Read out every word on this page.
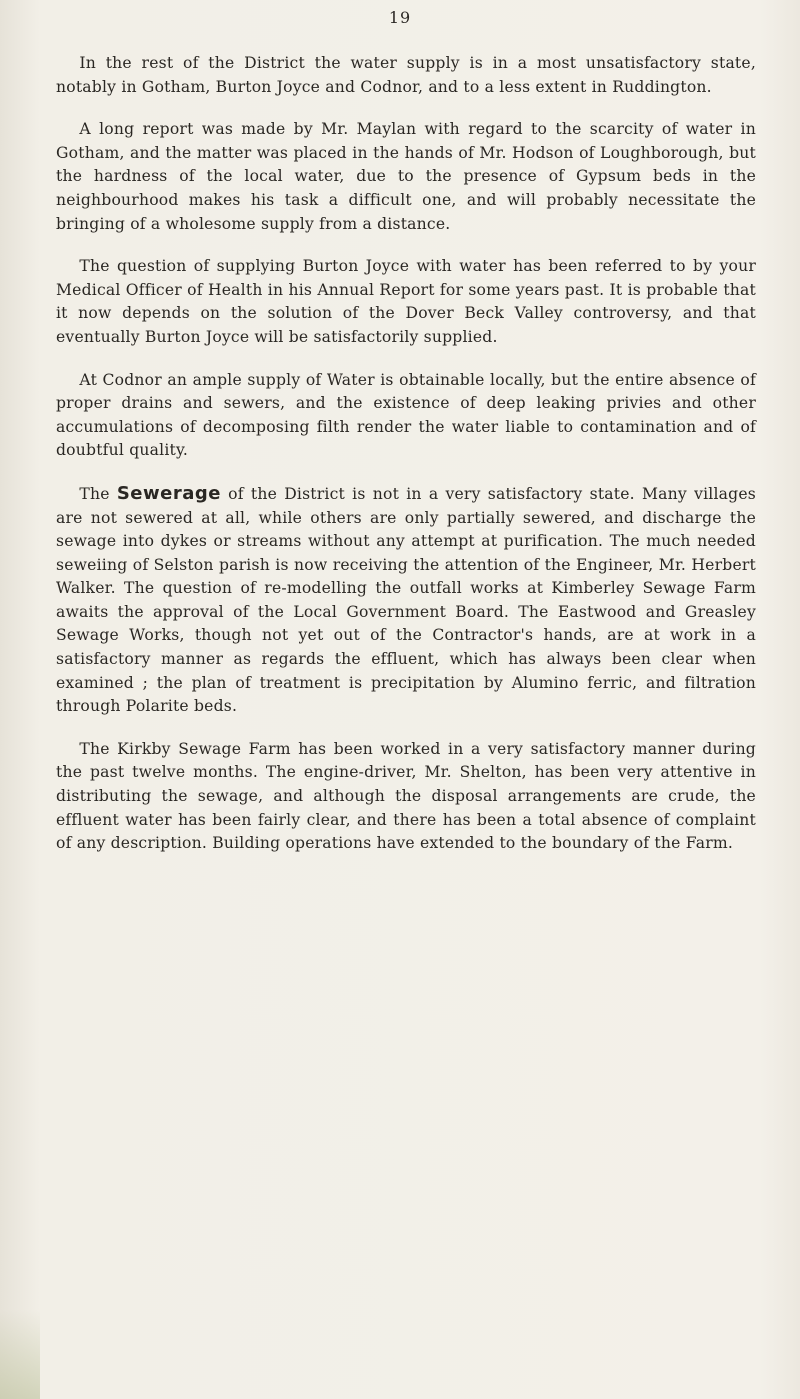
19

In the rest of the District the water supply is in a most unsatisfactory state, notably in Gotham, Burton Joyce and Codnor, and to a less extent in Ruddington.

A long report was made by Mr. Maylan with regard to the scarcity of water in Gotham, and the matter was placed in the hands of Mr. Hodson of Loughborough, but the hardness of the local water, due to the presence of Gypsum beds in the neighbourhood makes his task a difficult one, and will probably necessitate the bringing of a wholesome supply from a distance.

The question of supplying Burton Joyce with water has been referred to by your Medical Officer of Health in his Annual Report for some years past. It is probable that it now depends on the solution of the Dover Beck Valley controversy, and that eventually Burton Joyce will be satisfactorily supplied.

At Codnor an ample supply of Water is obtainable locally, but the entire absence of proper drains and sewers, and the existence of deep leaking privies and other accumulations of decomposing filth render the water liable to contamination and of doubtful quality.

The Sewerage of the District is not in a very satisfactory state. Many villages are not sewered at all, while others are only partially sewered, and discharge the sewage into dykes or streams without any attempt at purification. The much needed seweiing of Selston parish is now receiving the attention of the Engineer, Mr. Herbert Walker. The question of re-modelling the outfall works at Kimberley Sewage Farm awaits the approval of the Local Government Board. The Eastwood and Greasley Sewage Works, though not yet out of the Contractor's hands, are at work in a satisfactory manner as regards the effluent, which has always been clear when examined ; the plan of treatment is precipitation by Alumino ferric, and filtration through Polarite beds.

The Kirkby Sewage Farm has been worked in a very satisfactory manner during the past twelve months. The engine-driver, Mr. Shelton, has been very attentive in distributing the sewage, and although the disposal arrangements are crude, the effluent water has been fairly clear, and there has been a total absence of complaint of any description. Building operations have extended to the boundary of the Farm.
